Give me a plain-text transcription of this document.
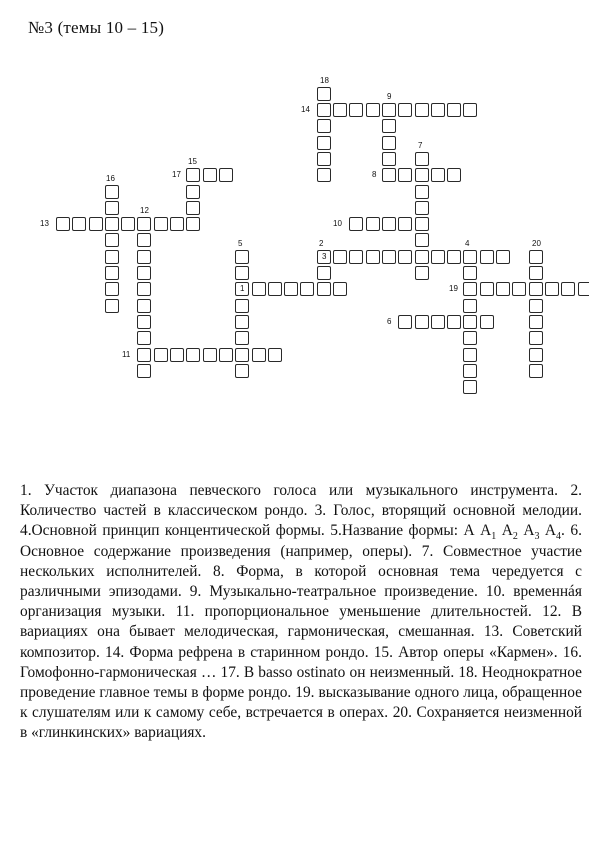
№3 (темы 10 – 15)
1
2
3
4
5
6
7
8
9
10
11
12
13
14
15
16	17
18
19
20
1. Участок диапазона певческого голоса или музыкального инструмента. 2. Количество частей в классическом рондо. 3. Голос, вторящий основной мелодии. 4.Основной принцип концентической формы. 5.Название формы: А $А_1$ $А_2$ $А_3$ $А_4$. 6. Основное содержание произведения (например, оперы). 7. Совместное участие нескольких исполнителей. 8. Форма, в которой основная тема чередуется с различными эпизодами. 9. Музыкально-театральное произведение. 10. временнáя организация музыки. 11. пропорциональное уменьшение длительностей. 12. В вариациях она бывает мелодическая, гармоническая, смешанная. 13. Советский композитор. 14. Форма рефрена в старинном рондо. 15. Автор оперы «Кармен». 16. Гомофонно-гармоническая … 17. В basso ostinato он неизменный. 18. Неоднократное проведение главное темы в форме рондо. 19. высказывание одного лица, обращенное к слушателям или к самому себе, встречается в операх. 20. Сохраняется неизменной в «глинкинских» вариациях.
